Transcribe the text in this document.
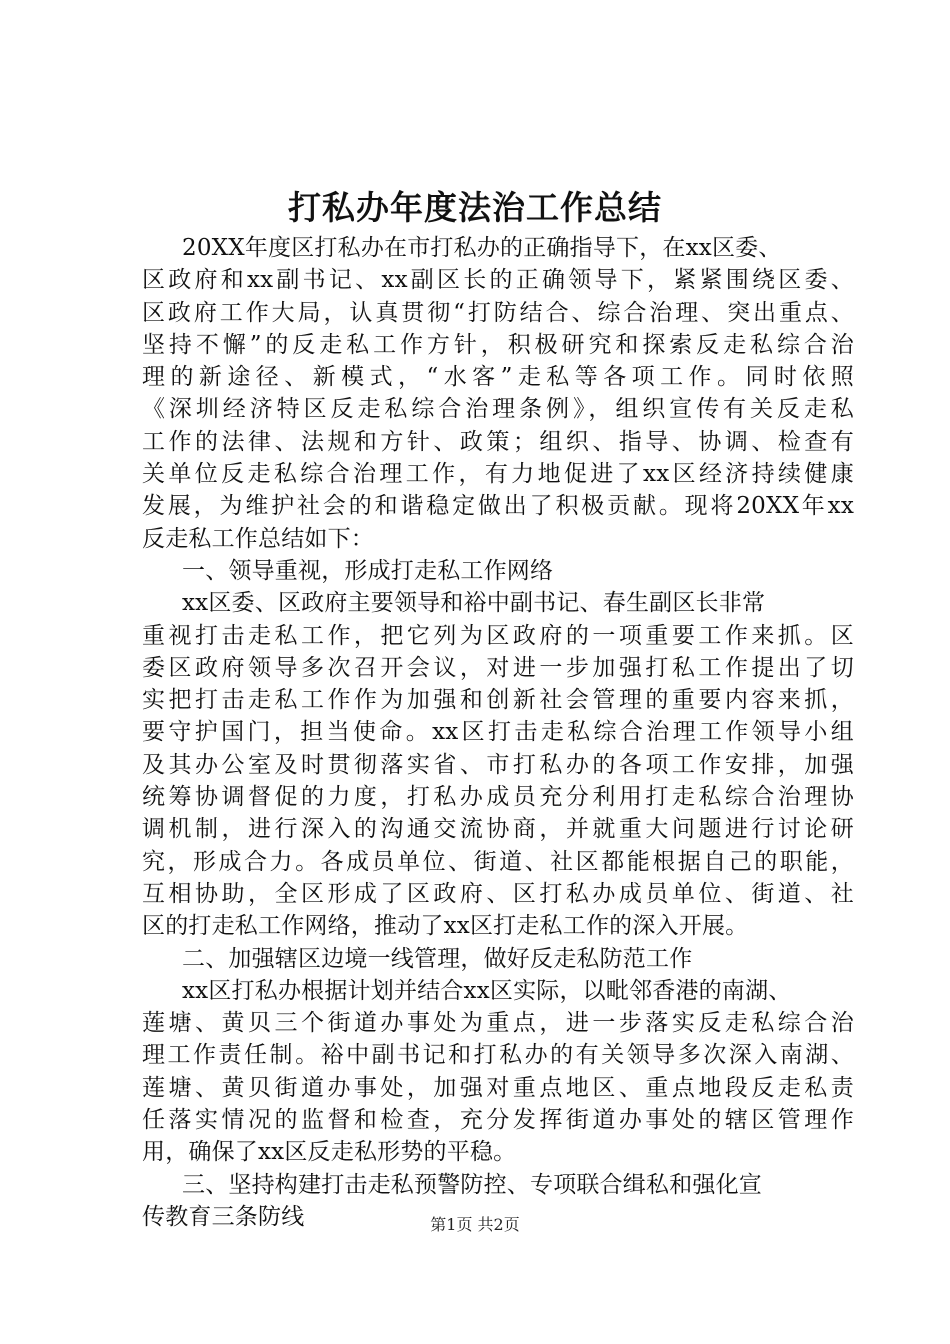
打私办年度法治工作总结
20XX年度区打私办在市打私办的正确指导下，在xx区委、
区政府和xx副书记、xx副区长的正确领导下，紧紧围绕区委、
区政府工作大局，认真贯彻“打防结合、综合治理、突出重点、
坚持不懈”的反走私工作方针，积极研究和探索反走私综合治
理的新途径、新模式，“水客”走私等各项工作。同时依照
《深圳经济特区反走私综合治理条例》，组织宣传有关反走私
工作的法律、法规和方针、政策；组织、指导、协调、检查有
关单位反走私综合治理工作，有力地促进了xx区经济持续健康
发展，为维护社会的和谐稳定做出了积极贡献。现将20XX年xx
反走私工作总结如下：
一、领导重视，形成打走私工作网络
xx区委、区政府主要领导和裕中副书记、春生副区长非常
重视打击走私工作，把它列为区政府的一项重要工作来抓。区
委区政府领导多次召开会议，对进一步加强打私工作提出了切
实把打击走私工作作为加强和创新社会管理的重要内容来抓，
要守护国门，担当使命。xx区打击走私综合治理工作领导小组
及其办公室及时贯彻落实省、市打私办的各项工作安排，加强
统筹协调督促的力度，打私办成员充分利用打走私综合治理协
调机制，进行深入的沟通交流协商，并就重大问题进行讨论研
究，形成合力。各成员单位、街道、社区都能根据自己的职能，
互相协助，全区形成了区政府、区打私办成员单位、街道、社
区的打走私工作网络，推动了xx区打走私工作的深入开展。
二、加强辖区边境一线管理，做好反走私防范工作
xx区打私办根据计划并结合xx区实际，以毗邻香港的南湖、
莲塘、黄贝三个街道办事处为重点，进一步落实反走私综合治
理工作责任制。裕中副书记和打私办的有关领导多次深入南湖、
莲塘、黄贝街道办事处，加强对重点地区、重点地段反走私责
任落实情况的监督和检查，充分发挥街道办事处的辖区管理作
用，确保了xx区反走私形势的平稳。
三、坚持构建打击走私预警防控、专项联合缉私和强化宣
传教育三条防线	第1页 共2页
